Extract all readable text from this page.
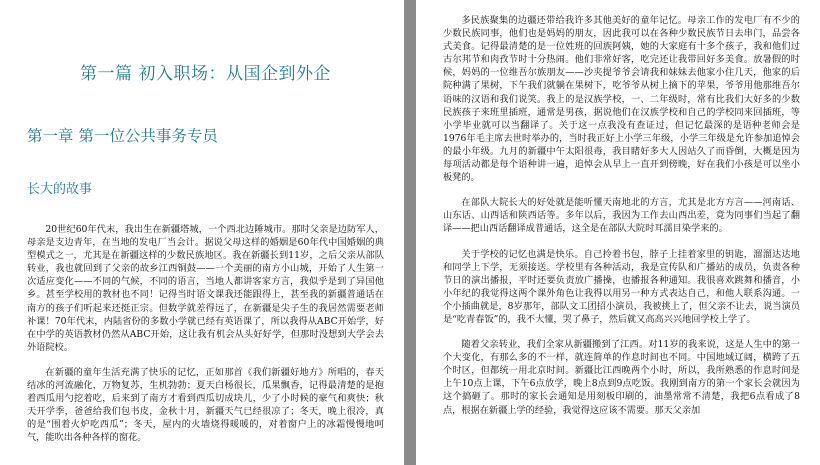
第一篇 初入职场：从国企到外企
第一章 第一位公共事务专员
长大的故事

20世纪60年代末，我出生在新疆塔城，一个西北边陲城市。那时父亲是边防军人，母亲是支边青年，在当地的发电厂当会计。据说父母这样的婚姻是60年代中国婚姻的典型模式之一，尤其是在新疆这样的少数民族地区。我在新疆长到11岁，之后父亲从部队转业，我也就回到了父亲的故乡江西铜鼓——一个美丽的南方小山城，开始了人生第一次适应变化——不同的气候，不同的语言，当地人都讲客家方言，我似乎是到了异国他乡。甚至学校用的教材也不同！记得当时语文课我还能跟得上，甚至我的新疆普通话在南方的孩子们听起来还挺正宗。但数学就差得远了，在新疆是尖子生的我居然需要老师补课！70年代末，内陆省份的多数小学就已经有英语课了，所以我得从ABC开始学，好在中学的英语教材仍然从ABC开始，这让我有机会从头好好学，但那时没想到大学会去外语院校。

在新疆的童年生活充满了快乐的记忆，正如那首《我们新疆好地方》所唱的，春天结冰的河流融化，万物复苏，生机勃勃；夏天白杨很长，瓜果飘香，记得最清楚的是抱着西瓜用勺挖着吃，后来到了南方才看到西瓜切成块儿，少了小时候的豪气和爽快；秋天开学季，爸爸给我们包书皮，金秋十月，新疆天气已经很凉了；冬天，晚上很冷，真的是“围着火炉吃西瓜”；冬天，屋内的火墙烧得暖暖的，对着窗户上的冰霜慢慢地呵气，能吹出各种各样的窗花。

多民族聚集的边疆还带给我许多其他美好的童年记忆。母亲工作的发电厂有不少的少数民族同事，他们也是妈妈的朋友，因此我可以在各种少数民族节日去串门，品尝各式美食。记得最清楚的是一位姓班的回族阿姨，她的大家庭有十多个孩子，我和他们过古尔邦节和肉孜节时十分热闹。他们非常好客，吃完还让我带回好多美食。放暑假的时候，妈妈的一位维吾尔族朋友——沙夹提爷爷会请我和妹妹去他家小住几天，他家的后院种满了果树，下午我们就躺在果树下，吃爷爷从树上摘下的苹果，爷爷用他那维吾尔语味的汉语和我们说笑。我上的是汉族学校，一、二年级时，常有比我们大好多的少数民族孩子来班里插班，通常是男孩，据说他们在汉族学校和自己的学校同来回插班，等小学毕业就可以当翻译了。关于这一点我没有查证过，但记忆最深的是语种老师会是1976年毛主席去世时举办的，当时我正好上小学三年级，小学三年级是允许参加追悼会的最小年级。九月的新疆中午太阳很毒，我目睹好多大人因站久了而昏倒，大概是因为每项活动都是每个语种讲一遍，追悼会从早上一直开到傍晚，好在我们小孩是可以坐小板凳的。

在部队大院长大的好处就是能听懂天南地北的方言，尤其是北方方言——河南话、山东话、山西话和陕西话等。多年以后，我因为工作去山西出差，竟为同事们当起了翻译——把山西话翻译成普通话，这全是在部队大院时耳濡目染学来的。

关于学校的记忆也满是快乐。自己拎着书包，脖子上挂着家里的钥匙，溜溜达达地和同学上下学，无须接送。学校里有各种活动，我是宣传队和广播站的成员，负责各种节日的演出播报，平时还要负责放广播操，也播报各种通知。我很喜欢跳舞和播音，小小年纪的我觉得这两个课外角色让我得以用另一种方式表达自己，和他人联系沟通。一个小插曲就是，8岁那年，部队文工团招小演员，我被挑上了，但父亲不让去，说当演员是“吃青春饭”的，我不大懂，哭了鼻子，然后就又高高兴兴地回学校上学了。

随着父亲转业，我们全家从新疆搬到了江西。对11岁的我来说，这是人生中的第一个大变化，有那么多的不一样，就连简单的作息时间也不同。中国地域辽阔，横跨了五个时区，但都统一用北京时间。新疆比江西晚两个小时，所以，我所熟悉的作息时间是上午10点上课，下午6点放学，晚上8点到9点吃饭。我刚到南方的第一个家长会就因为这个搞砸了。那时的家长会通知是用刻板印刷的，油墨常常不清楚，我把6点看成了8点，根据在新疆上学的经验，我觉得这应该不需要。那天父亲加
